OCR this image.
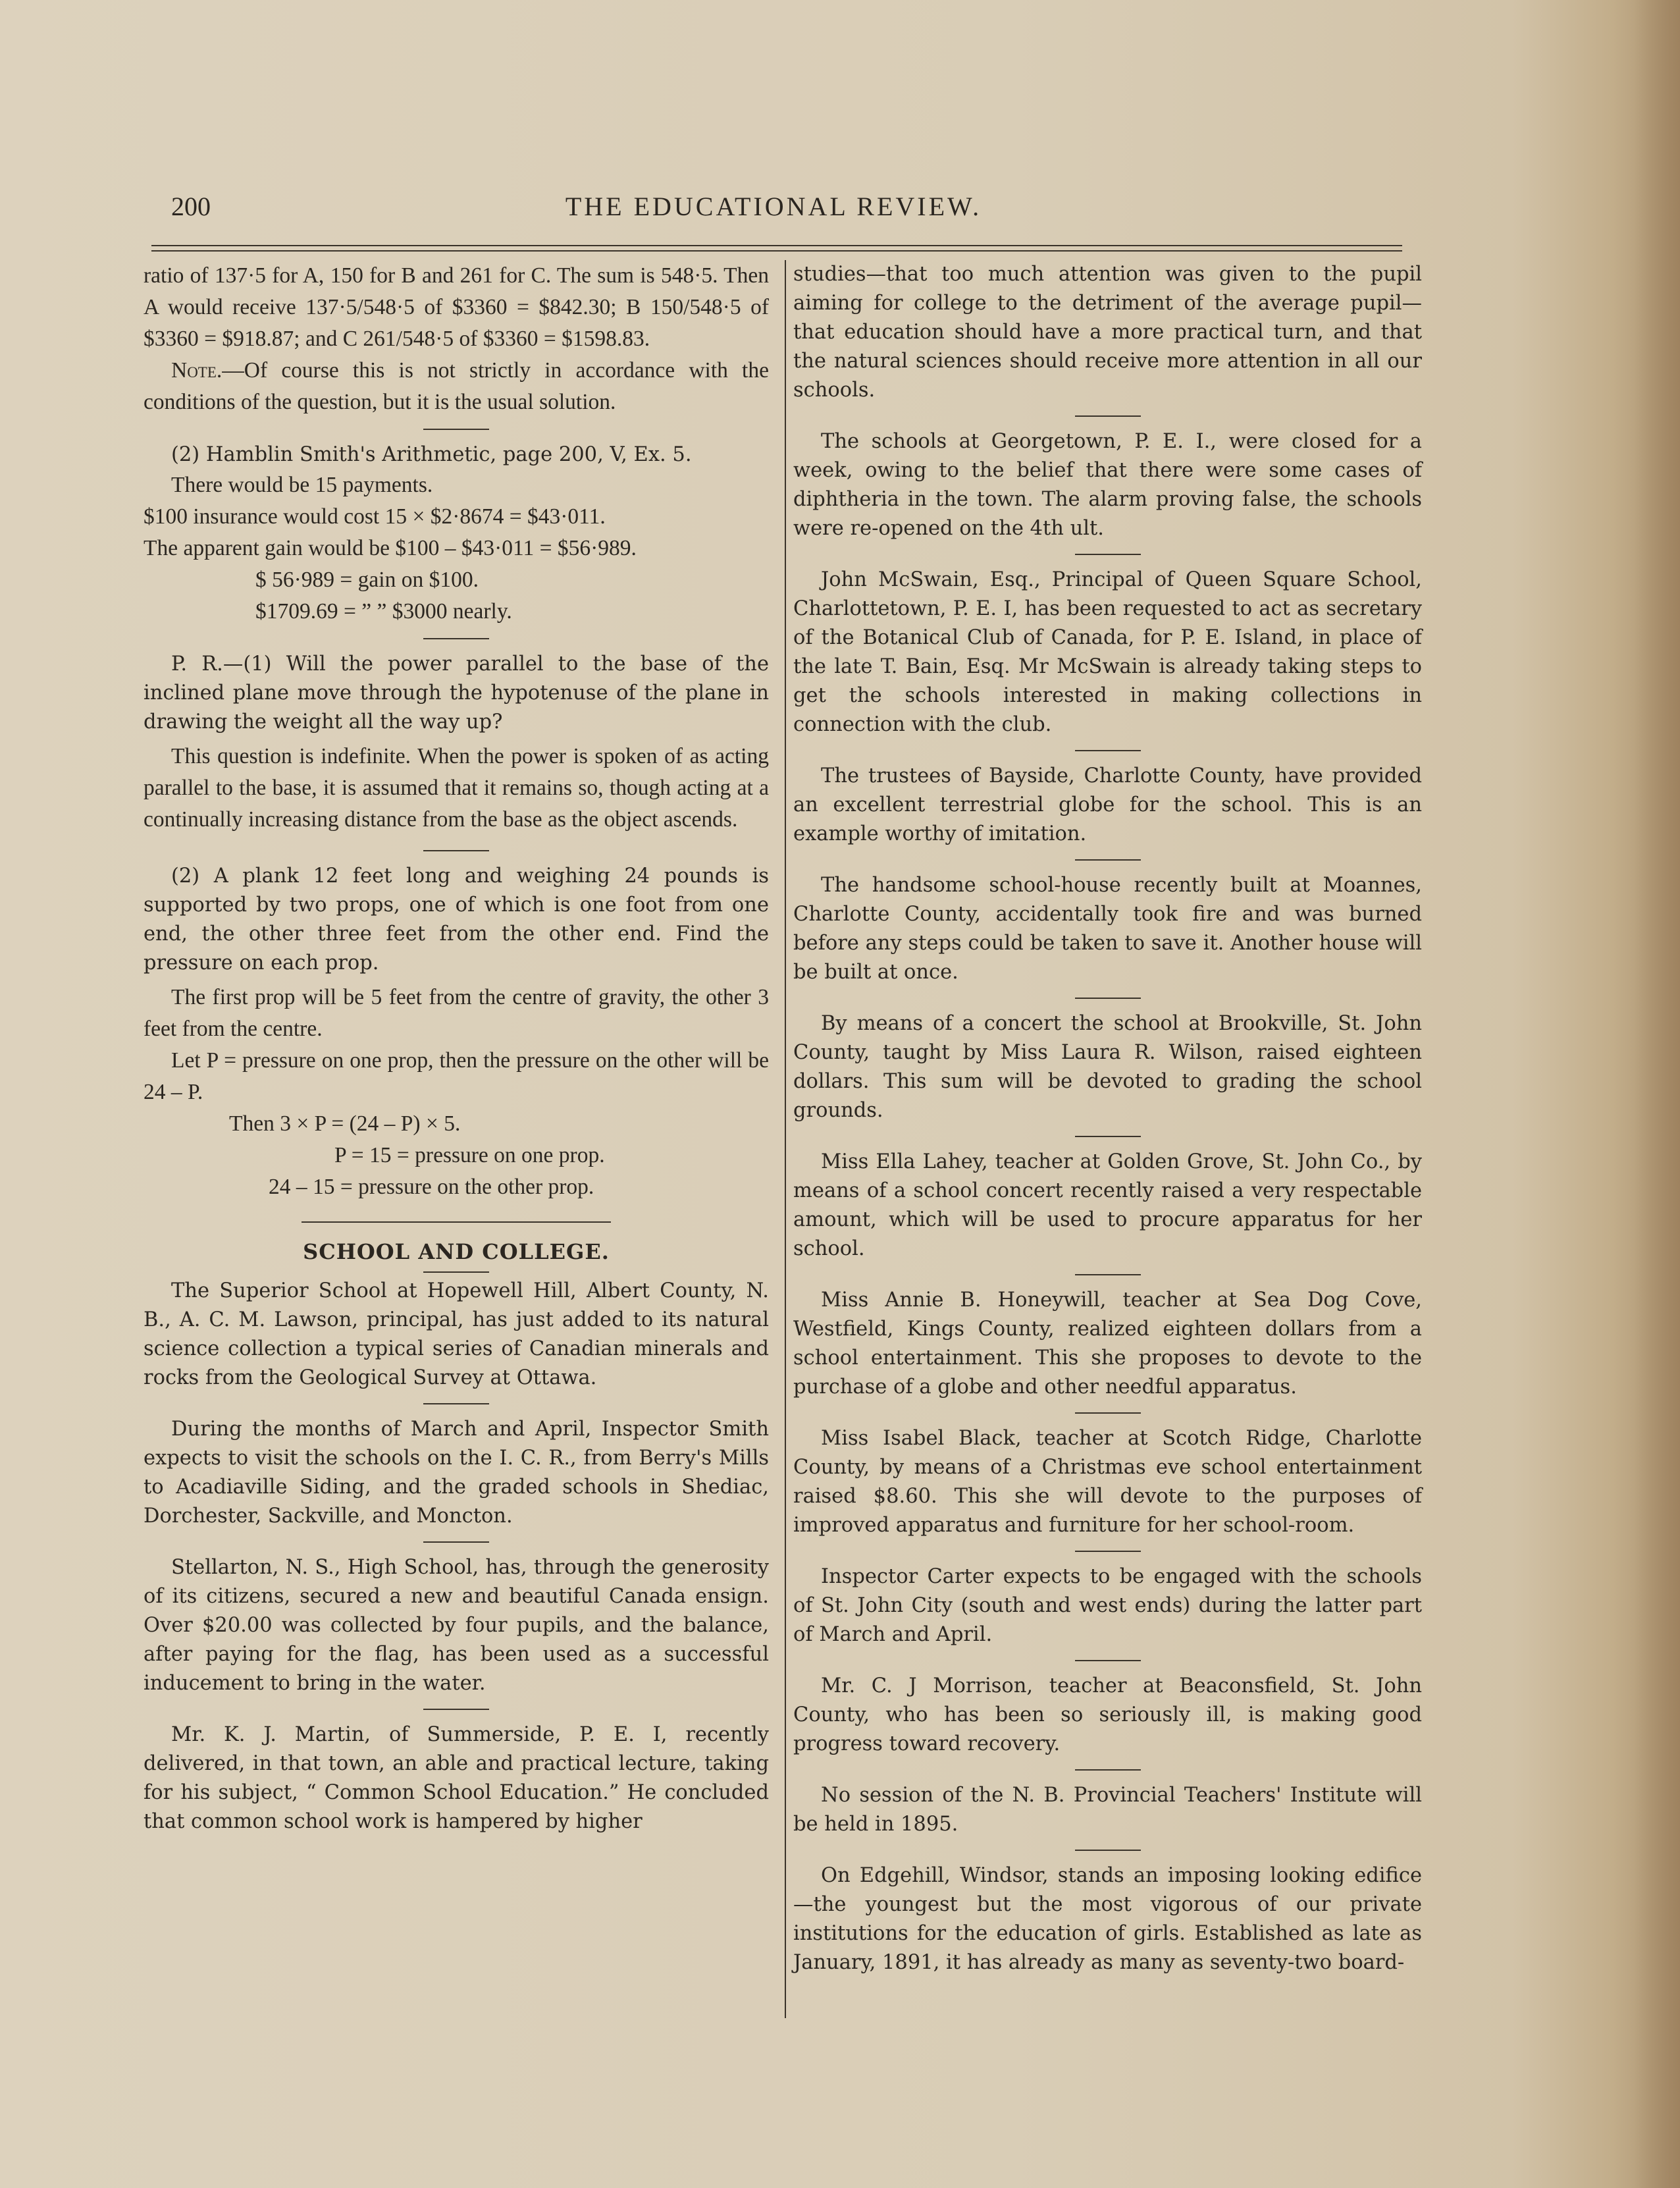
200	THE EDUCATIONAL REVIEW.

ratio of 137·5 for A, 150 for B and 261 for C. The sum is 548·5. Then A would receive 137·5/548·5 of $3360 = $842.30; B 150/548·5 of $3360 = $918.87; and C 261/548·5 of $3360 = $1598.83.

Note.—Of course this is not strictly in accordance with the conditions of the question, but it is the usual solution.

(2) Hamblin Smith's Arithmetic, page 200, V, Ex. 5.

There would be 15 payments.

$100 insurance would cost 15 × $2·8674 = $43·011.

The apparent gain would be $100 – $43·011 = $56·989.

$ 56·989 = gain on $100.

$1709.69 = ” ” $3000 nearly.

P. R.—(1) Will the power parallel to the base of the inclined plane move through the hypotenuse of the plane in drawing the weight all the way up?

This question is indefinite. When the power is spoken of as acting parallel to the base, it is assumed that it remains so, though acting at a continually increasing distance from the base as the object ascends.

(2) A plank 12 feet long and weighing 24 pounds is supported by two props, one of which is one foot from one end, the other three feet from the other end. Find the pressure on each prop.

The first prop will be 5 feet from the centre of gravity, the other 3 feet from the centre.

Let P = pressure on one prop, then the pressure on the other will be 24 – P.

Then 3 × P = (24 – P) × 5.

P = 15 = pressure on one prop.

24 – 15 = pressure on the other prop.

SCHOOL AND COLLEGE.

The Superior School at Hopewell Hill, Albert County, N. B., A. C. M. Lawson, principal, has just added to its natural science collection a typical series of Canadian minerals and rocks from the Geological Survey at Ottawa.

During the months of March and April, Inspector Smith expects to visit the schools on the I. C. R., from Berry's Mills to Acadiaville Siding, and the graded schools in Shediac, Dorchester, Sackville, and Moncton.

Stellarton, N. S., High School, has, through the generosity of its citizens, secured a new and beautiful Canada ensign. Over $20.00 was collected by four pupils, and the balance, after paying for the flag, has been used as a successful inducement to bring in the water.

Mr. K. J. Martin, of Summerside, P. E. I, recently delivered, in that town, an able and practical lecture, taking for his subject, “ Common School Education.” He concluded that common school work is hampered by higher

studies—that too much attention was given to the pupil aiming for college to the detriment of the average pupil—that education should have a more practical turn, and that the natural sciences should receive more attention in all our schools.

The schools at Georgetown, P. E. I., were closed for a week, owing to the belief that there were some cases of diphtheria in the town. The alarm proving false, the schools were re-opened on the 4th ult.

John McSwain, Esq., Principal of Queen Square School, Charlottetown, P. E. I, has been requested to act as secretary of the Botanical Club of Canada, for P. E. Island, in place of the late T. Bain, Esq. Mr McSwain is already taking steps to get the schools interested in making collections in connection with the club.

The trustees of Bayside, Charlotte County, have provided an excellent terrestrial globe for the school. This is an example worthy of imitation.

The handsome school-house recently built at Moannes, Charlotte County, accidentally took fire and was burned before any steps could be taken to save it. Another house will be built at once.

By means of a concert the school at Brookville, St. John County, taught by Miss Laura R. Wilson, raised eighteen dollars. This sum will be devoted to grading the school grounds.

Miss Ella Lahey, teacher at Golden Grove, St. John Co., by means of a school concert recently raised a very respectable amount, which will be used to procure apparatus for her school.

Miss Annie B. Honeywill, teacher at Sea Dog Cove, Westfield, Kings County, realized eighteen dollars from a school entertainment. This she proposes to devote to the purchase of a globe and other needful apparatus.

Miss Isabel Black, teacher at Scotch Ridge, Charlotte County, by means of a Christmas eve school entertainment raised $8.60. This she will devote to the purposes of improved apparatus and furniture for her school-room.

Inspector Carter expects to be engaged with the schools of St. John City (south and west ends) during the latter part of March and April.

Mr. C. J Morrison, teacher at Beaconsfield, St. John County, who has been so seriously ill, is making good progress toward recovery.

No session of the N. B. Provincial Teachers' Institute will be held in 1895.

On Edgehill, Windsor, stands an imposing looking edifice —the youngest but the most vigorous of our private institutions for the education of girls. Established as late as January, 1891, it has already as many as seventy-two board-
